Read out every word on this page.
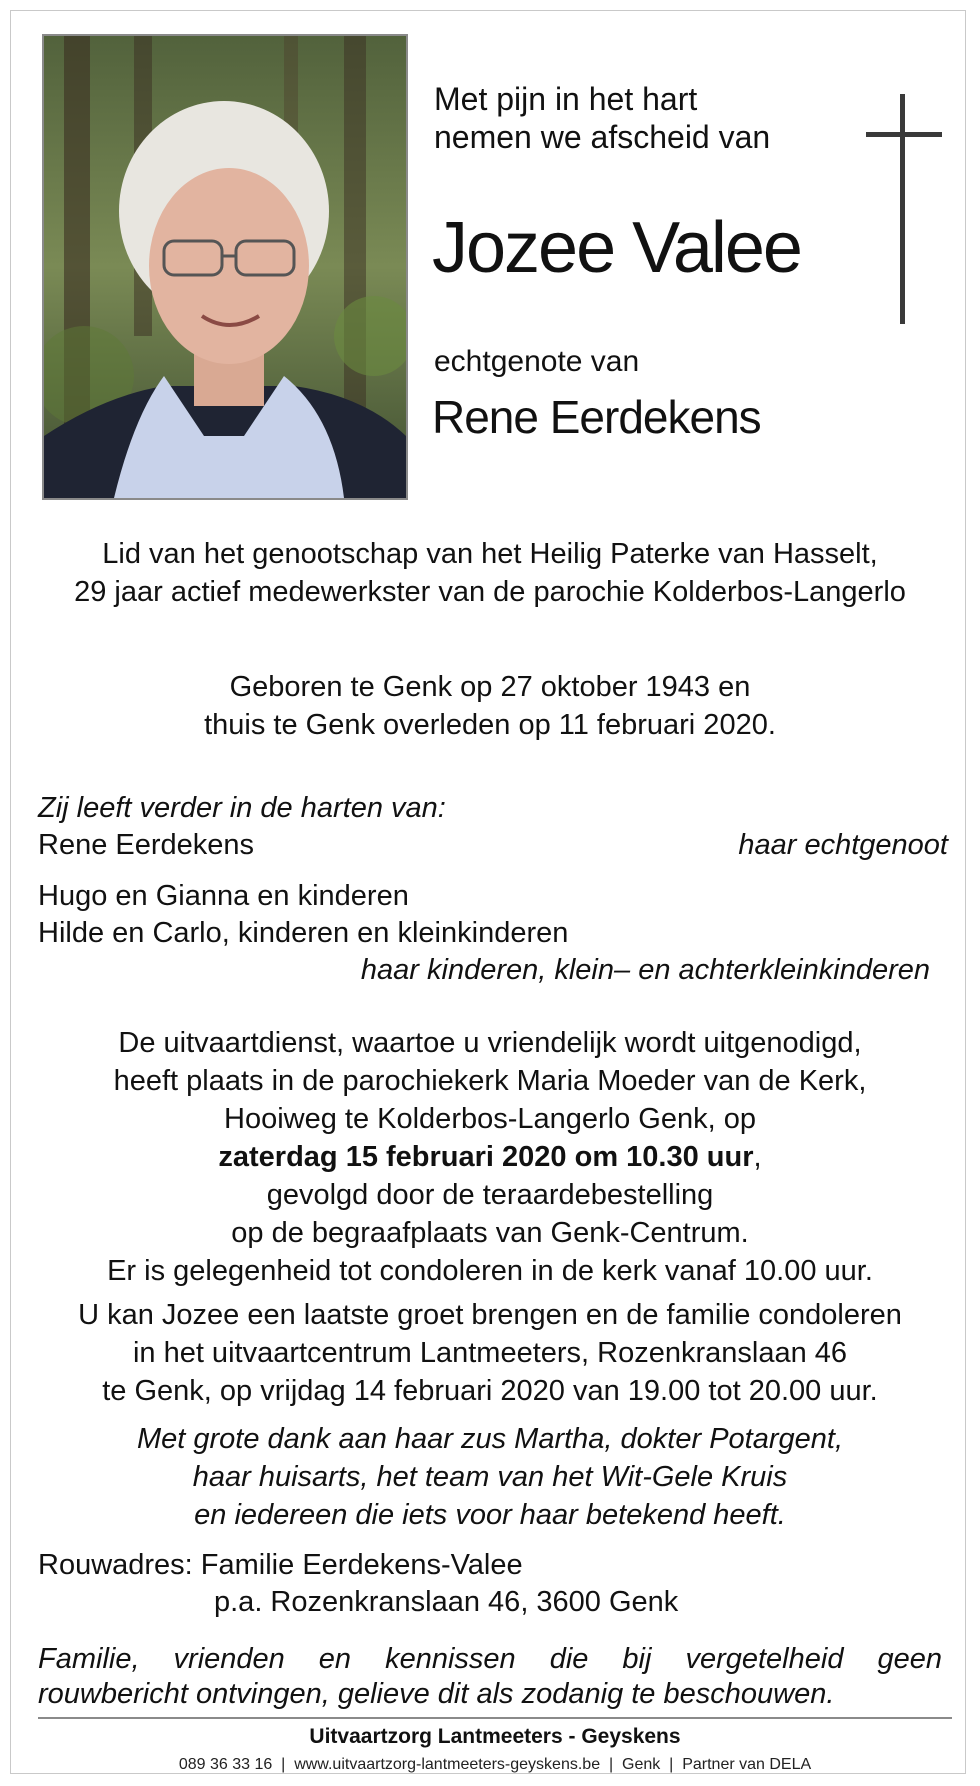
Met pijn in het hart
nemen we afscheid van
Jozee Valee
echtgenote van
Rene Eerdekens
Lid van het genootschap van het Heilig Paterke van Hasselt,
29 jaar actief medewerkster van de parochie Kolderbos-Langerlo
Geboren te Genk op 27 oktober 1943 en
thuis te Genk overleden op 11 februari 2020.
Zij leeft verder in de harten van:
Rene Eerdekens	haar echtgenoot
Hugo en Gianna en kinderen
Hilde en Carlo, kinderen en kleinkinderen
haar kinderen, klein– en achterkleinkinderen
De uitvaartdienst, waartoe u vriendelijk wordt uitgenodigd,
heeft plaats in de parochiekerk Maria Moeder van de Kerk,
Hooiweg te Kolderbos-Langerlo Genk, op
zaterdag 15 februari 2020 om 10.30 uur,
gevolgd door de teraardebestelling
op de begraafplaats van Genk-Centrum.
Er is gelegenheid tot condoleren in de kerk vanaf 10.00 uur.
U kan Jozee een laatste groet brengen en de familie condoleren
in het uitvaartcentrum Lantmeeters, Rozenkranslaan 46
te Genk, op vrijdag 14 februari 2020 van 19.00 tot 20.00 uur.
Met grote dank aan haar zus Martha, dokter Potargent,
haar huisarts, het team van het Wit-Gele Kruis
en iedereen die iets voor haar betekend heeft.
Rouwadres: Familie Eerdekens-Valee
p.a. Rozenkranslaan 46, 3600 Genk
Familie, vrienden en kennissen die bij vergetelheid geen
rouwbericht ontvingen, gelieve dit als zodanig te beschouwen.
Uitvaartzorg Lantmeeters - Geyskens
089 36 33 16  |  www.uitvaartzorg-lantmeeters-geyskens.be  |  Genk  |  Partner van DELA
